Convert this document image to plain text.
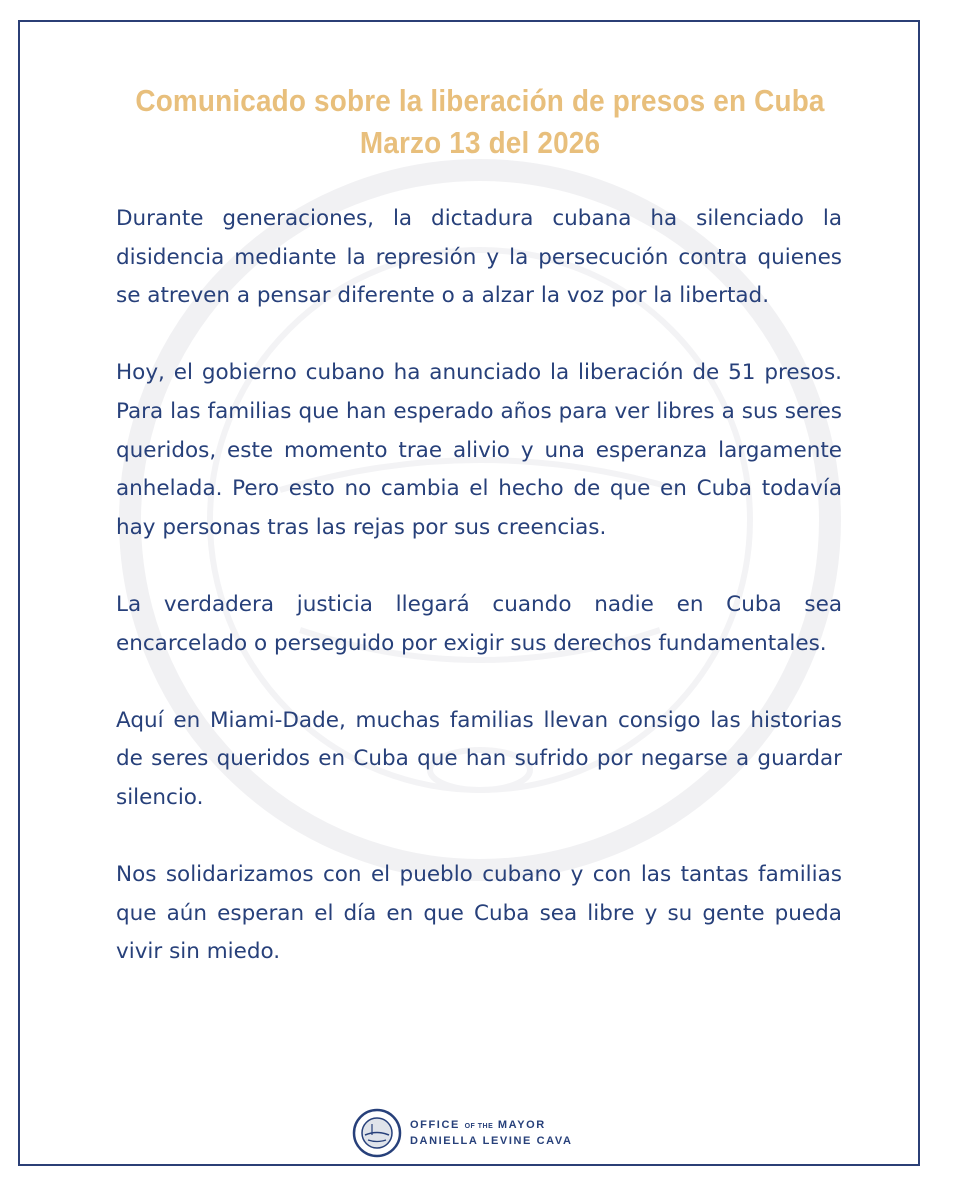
Comunicado sobre la liberación de presos en Cuba
Marzo 13 del 2026

Durante generaciones, la dictadura cubana ha silenciado la disidencia mediante la represión y la persecución contra quienes se atreven a pensar diferente o a alzar la voz por la libertad.

Hoy, el gobierno cubano ha anunciado la liberación de 51 presos. Para las familias que han esperado años para ver libres a sus seres queridos, este momento trae alivio y una esperanza largamente anhelada. Pero esto no cambia el hecho de que en Cuba todavía hay personas tras las rejas por sus creencias.

La verdadera justicia llegará cuando nadie en Cuba sea encarcelado o perseguido por exigir sus derechos fundamentales.

Aquí en Miami-Dade, muchas familias llevan consigo las historias de seres queridos en Cuba que han sufrido por negarse a guardar silencio.

Nos solidarizamos con el pueblo cubano y con las tantas familias que aún esperan el día en que Cuba sea libre y su gente pueda vivir sin miedo.

OFFICE OF THE MAYOR
DANIELLA LEVINE CAVA
